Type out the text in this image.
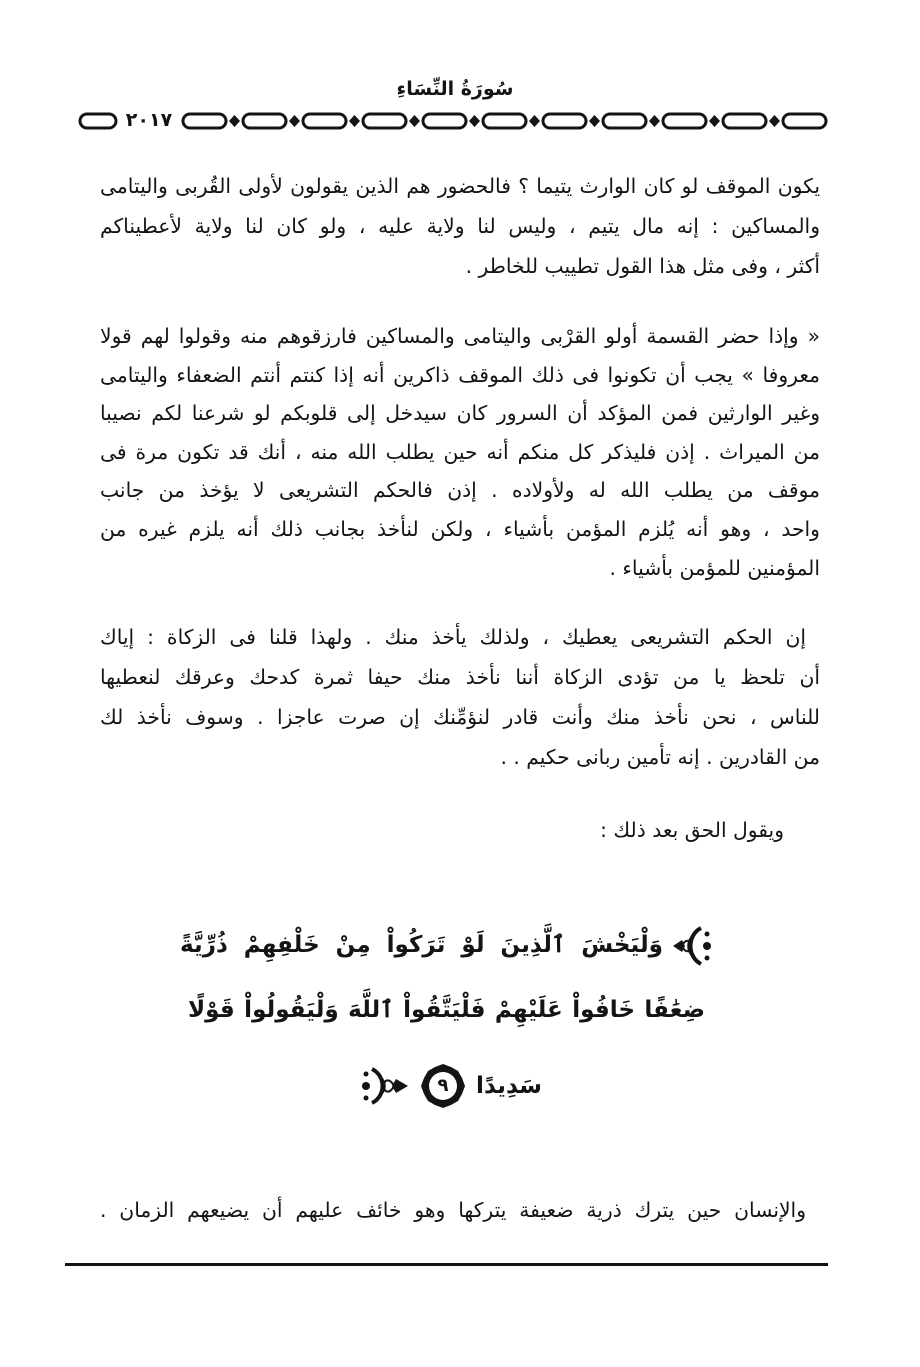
سُورَةُ النِّسَاءِ
٢٠١٧
يكون الموقف لو كان الوارث يتيما ؟ فالحضور هم الذين يقولون لأولى القُربى واليتامى
والمساكين : إنه مال يتيم ، وليس لنا ولاية عليه ، ولو كان لنا ولاية لأعطيناكم
أكثر ، وفى مثل هذا القول تطييب للخاطر .
« وإذا حضر القسمة أولو القرْبى واليتامى والمساكين فارزقوهم منه وقولوا لهم قولا
معروفا » يجب أن تكونوا فى ذلك الموقف ذاكرين أنه إذا كنتم أنتم الضعفاء واليتامى
وغير الوارثين فمن المؤكد أن السرور كان سيدخل إلى قلوبكم لو شرعنا لكم نصيبا
من الميراث . إذن فليذكر كل منكم أنه حين يطلب الله منه ، أنك قد تكون مرة فى
موقف من يطلب الله له ولأولاده . إذن فالحكم التشريعى لا يؤخذ من جانب
واحد ، وهو أنه يُلزم المؤمن بأشياء ، ولكن لنأخذ بجانب ذلك أنه يلزم غيره من
المؤمنين للمؤمن بأشياء .
إن الحكم التشريعى يعطيك ، ولذلك يأخذ منك . ولهذا قلنا فى الزكاة : إياك
أن تلحظ يا من تؤدى الزكاة أننا نأخذ منك حيفا ثمرة كدحك وعرقك لنعطيها
للناس ، نحن نأخذ منك وأنت قادر لنؤمِّنك إن صرت عاجزا . وسوف نأخذ لك
من القادرين . إنه تأمين ربانى حكيم . .
ويقول الحق بعد ذلك :
وَلْيَخْشَ ٱلَّذِينَ لَوْ تَرَكُواْ مِنْ خَلْفِهِمْ ذُرِّيَّةً
ضِعَٰفًا خَافُواْ عَلَيْهِمْ فَلْيَتَّقُواْ ٱللَّهَ وَلْيَقُولُواْ قَوْلًا
سَدِيدًا
٩
والإنسان حين يترك ذرية ضعيفة يتركها وهو خائف عليهم أن يضيعهم الزمان .
